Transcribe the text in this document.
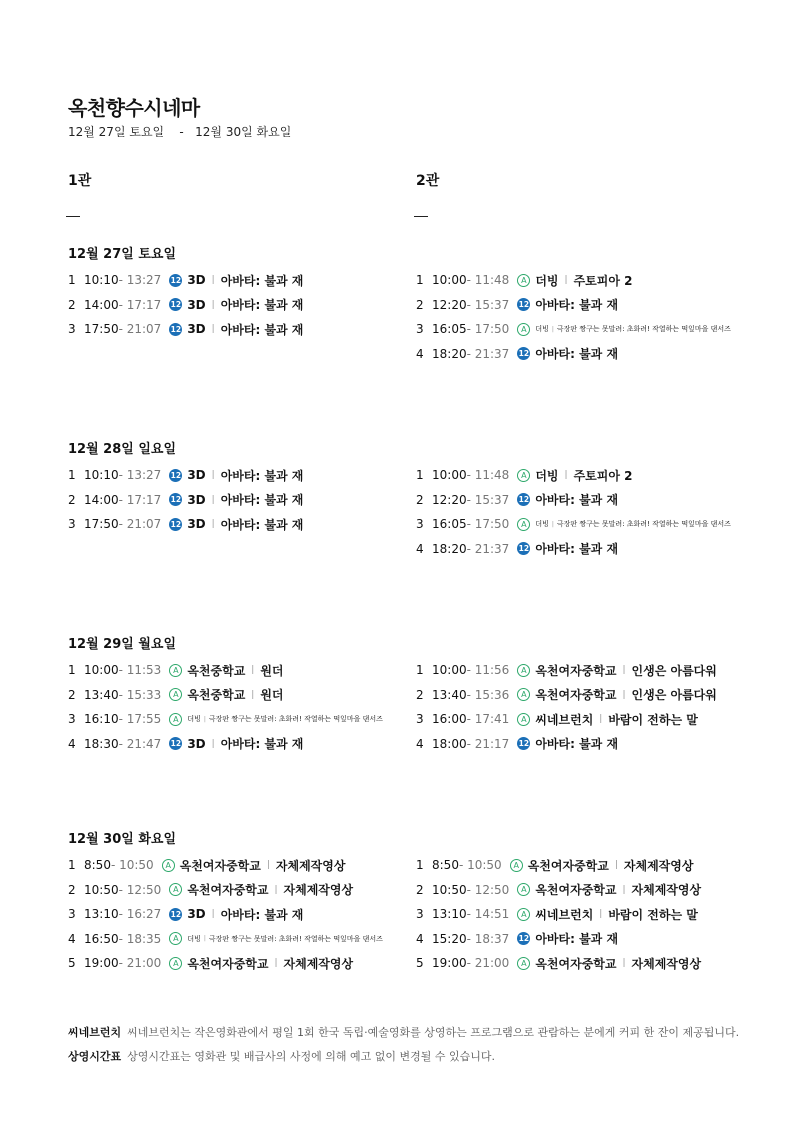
옥천향수시네마
12월 27일 토요일    -   12월 30일 화요일
1관	2관
12월 27일 토요일
1 10:10 - 13:27 12 3D | 아바타: 불과 재
2 14:00 - 17:17 12 3D | 아바타: 불과 재
3 17:50 - 21:07 12 3D | 아바타: 불과 재
1 10:00 - 11:48	A 더빙 | 주토피아 2
2 12:20 - 15:37 12 아바타: 불과 재
3 16:05 - 17:50	A	더빙 | 극장판 짱구는 못말려: 초화려! 작열하는 떡잎마을 댄서즈
4 18:20 - 21:37 12 아바타: 불과 재
12월 28일 일요일
1 10:10 - 13:27 12 3D | 아바타: 불과 재
2 14:00 - 17:17 12 3D | 아바타: 불과 재
3 17:50 - 21:07 12 3D | 아바타: 불과 재
1 10:00 - 11:48	A 더빙 | 주토피아 2
2 12:20 - 15:37 12 아바타: 불과 재
3 16:05 - 17:50	A	더빙 | 극장판 짱구는 못말려: 초화려! 작열하는 떡잎마을 댄서즈
4 18:20 - 21:37 12 아바타: 불과 재
12월 29일 월요일
1 10:00 - 11:53	A 옥천중학교 | 원더
2 13:40 - 15:33	A 옥천중학교 | 원더
3 16:10 - 17:55	A	더빙 | 극장판 짱구는 못말려: 초화려! 작열하는 떡잎마을 댄서즈
4 18:30 - 21:47 12 3D | 아바타: 불과 재
1 10:00 - 11:56	A 옥천여자중학교 | 인생은 아름다워
2 13:40 - 15:36	A 옥천여자중학교 | 인생은 아름다워
3 16:00 - 17:41	A 씨네브런치 | 바람이 전하는 말
4 18:00 - 21:17 12 아바타: 불과 재
12월 30일 화요일
1 8:50 - 10:50	A 옥천여자중학교 | 자체제작영상
2 10:50 - 12:50	A 옥천여자중학교 | 자체제작영상
3 13:10 - 16:27 12 3D | 아바타: 불과 재
4 16:50 - 18:35	A	더빙 | 극장판 짱구는 못말려: 초화려! 작열하는 떡잎마을 댄서즈
5 19:00 - 21:00	A 옥천여자중학교 | 자체제작영상
1 8:50 - 10:50	A 옥천여자중학교 | 자체제작영상
2 10:50 - 12:50	A 옥천여자중학교 | 자체제작영상
3 13:10 - 14:51	A 씨네브런치 | 바람이 전하는 말
4 15:20 - 18:37 12 아바타: 불과 재
5 19:00 - 21:00	A 옥천여자중학교 | 자체제작영상
씨네브런치 씨네브런치는 작은영화관에서 평일 1회 한국 독립·예술영화를 상영하는 프로그램으로 관람하는 분에게 커피 한 잔이 제공됩니다.
상영시간표 상영시간표는 영화관 및 배급사의 사정에 의해 예고 없이 변경될 수 있습니다.
